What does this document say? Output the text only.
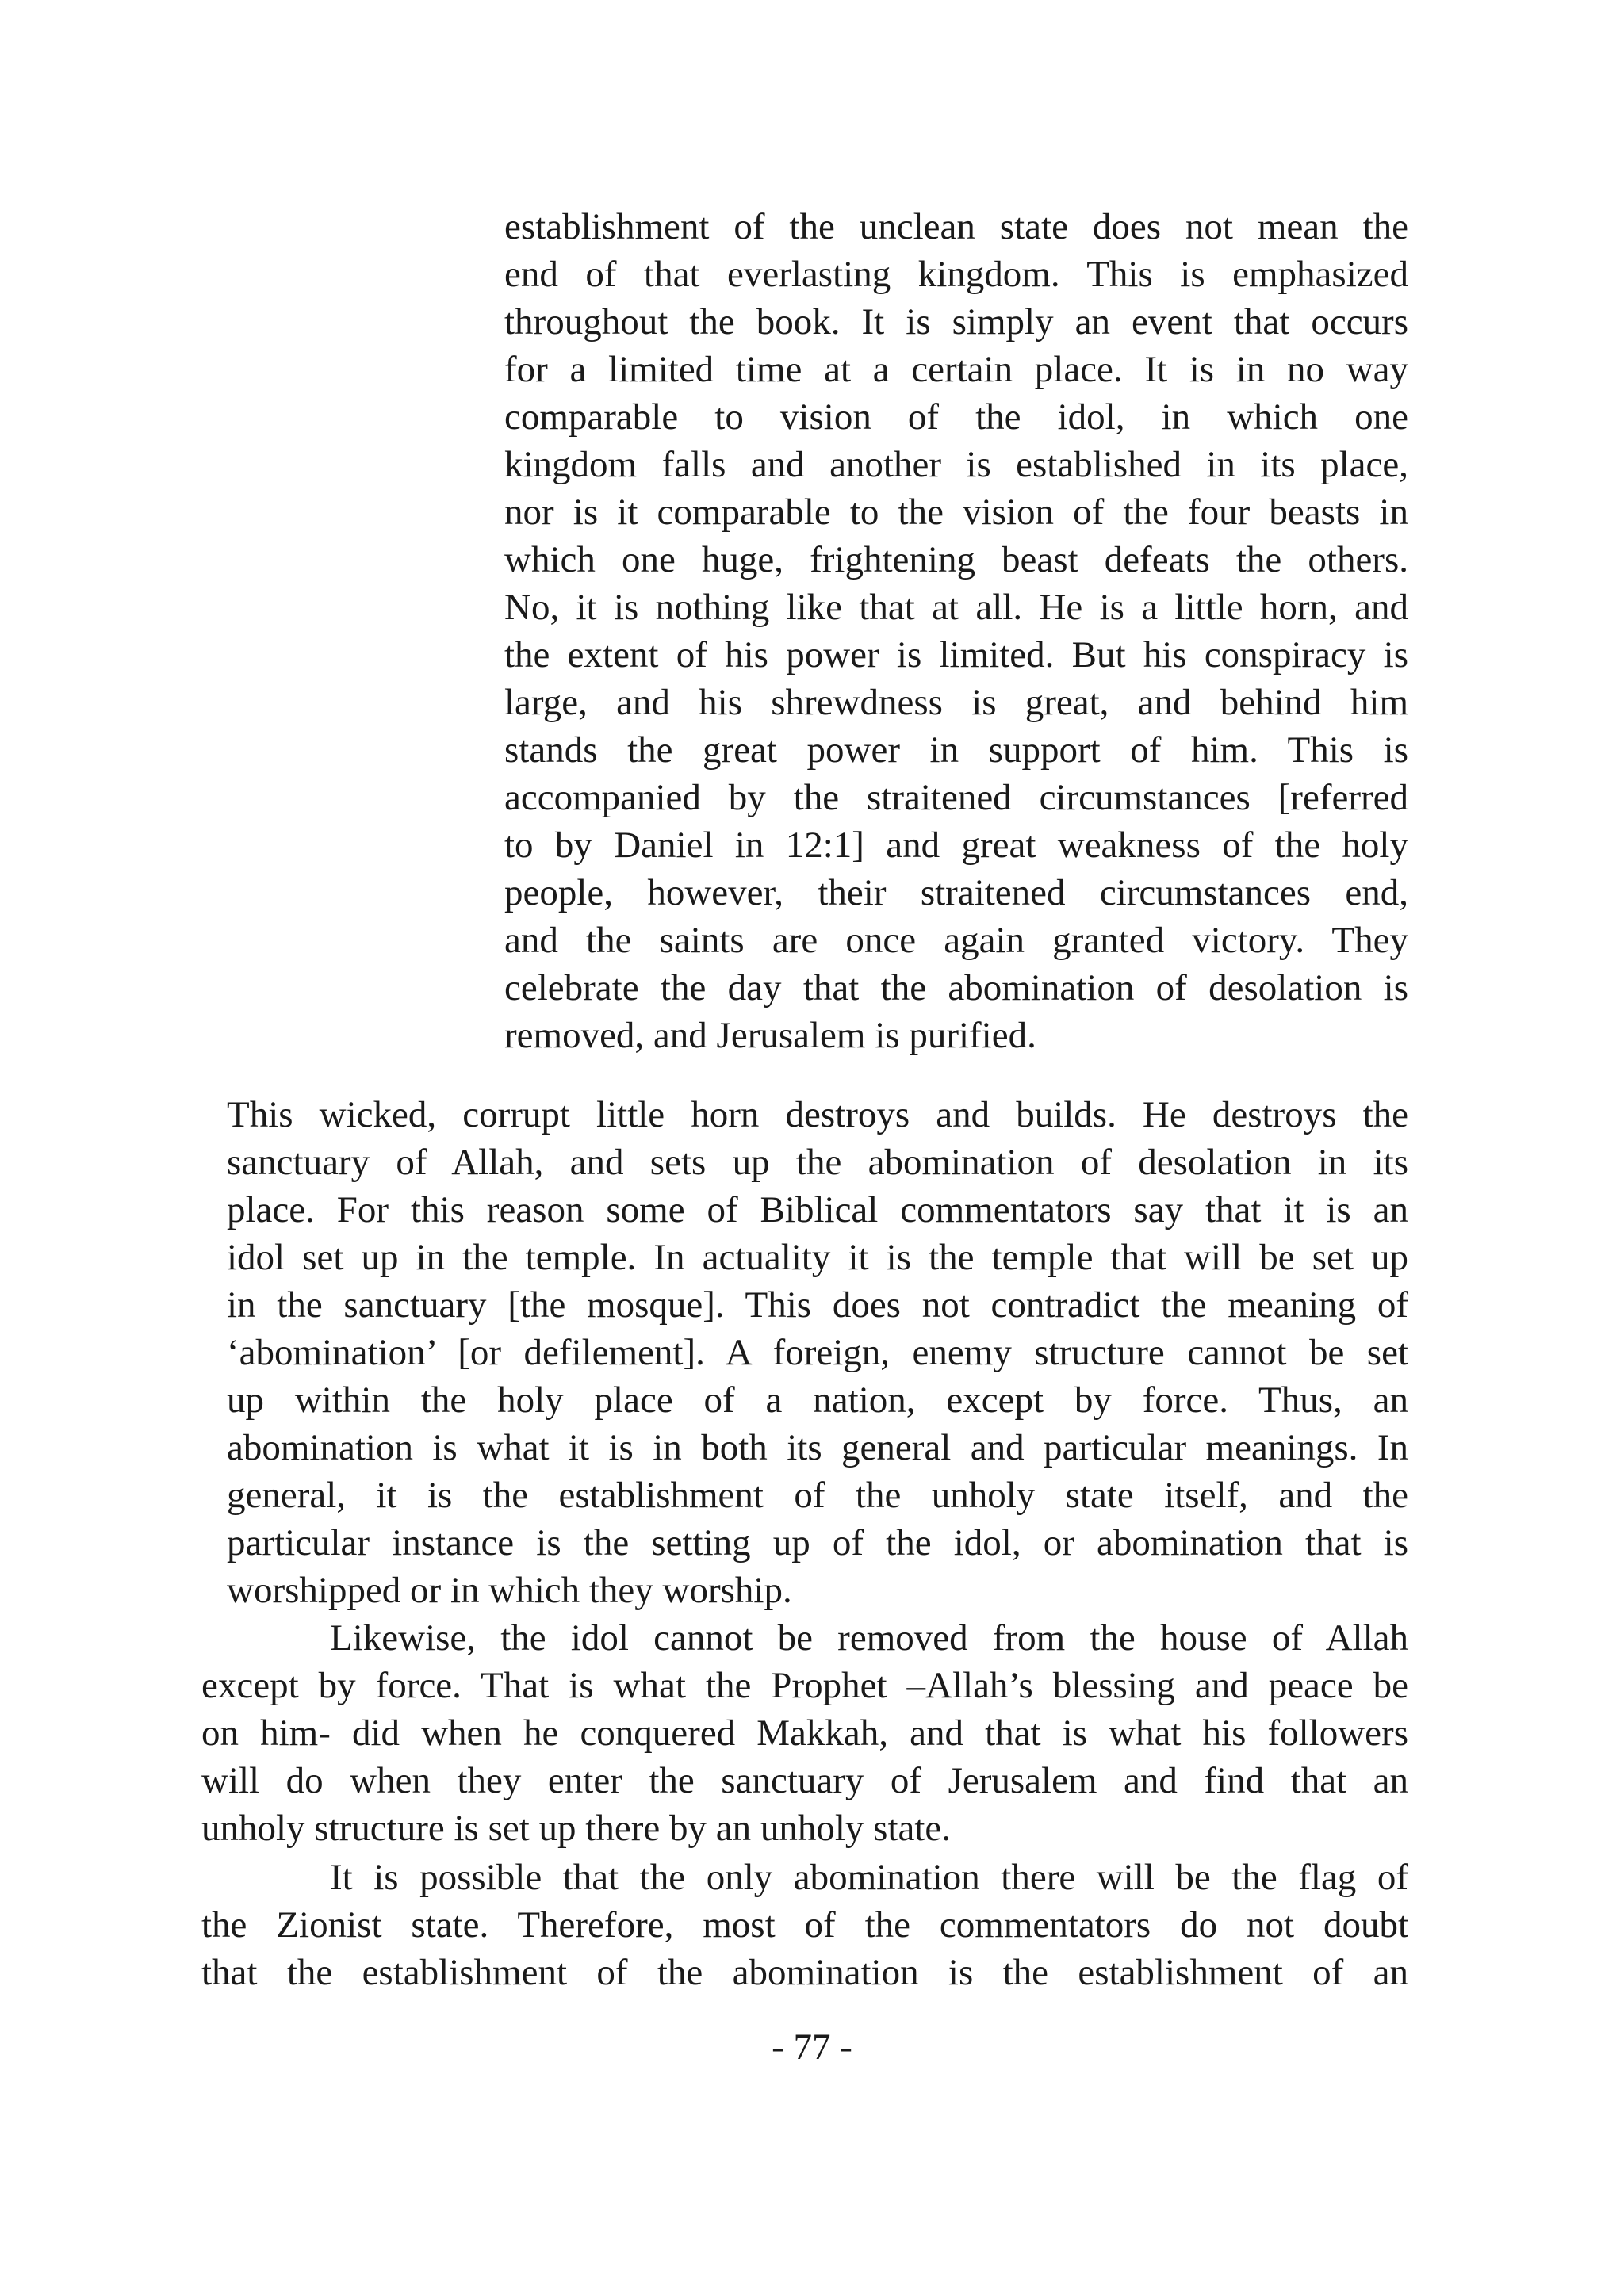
establishment of the unclean state does not mean the
end of that everlasting kingdom. This is emphasized
throughout the book. It is simply an event that occurs
for a limited time at a certain place. It is in no way
comparable to vision of the idol, in which one
kingdom falls and another is established in its place,
nor is it comparable to the vision of the four beasts in
which one huge, frightening beast defeats the others.
No, it is nothing like that at all. He is a little horn, and
the extent of his power is limited. But his conspiracy is
large, and his shrewdness is great, and behind him
stands the great power in support of him. This is
accompanied by the straitened circumstances [referred
to by Daniel in 12:1] and great weakness of the holy
people, however, their straitened circumstances end,
and the saints are once again granted victory. They
celebrate the day that the abomination of desolation is
removed, and Jerusalem is purified.
This wicked, corrupt little horn destroys and builds. He destroys the
sanctuary of Allah, and sets up the abomination of desolation in its
place. For this reason some of Biblical commentators say that it is an
idol set up in the temple. In actuality it is the temple that will be set up
in the sanctuary [the mosque]. This does not contradict the meaning of
‘abomination’ [or defilement]. A foreign, enemy structure cannot be set
up within the holy place of a nation, except by force. Thus, an
abomination is what it is in both its general and particular meanings. In
general, it is the establishment of the unholy state itself, and the
particular instance is the setting up of the idol, or abomination that is
worshipped or in which they worship.
Likewise, the idol cannot be removed from the house of Allah
except by force. That is what the Prophet –Allah’s blessing and peace be
on him- did when he conquered Makkah, and that is what his followers
will do when they enter the sanctuary of Jerusalem and find that an
unholy structure is set up there by an unholy state.
It is possible that the only abomination there will be the flag of
the Zionist state. Therefore, most of the commentators do not doubt
that the establishment of the abomination is the establishment of an
- 77 -
